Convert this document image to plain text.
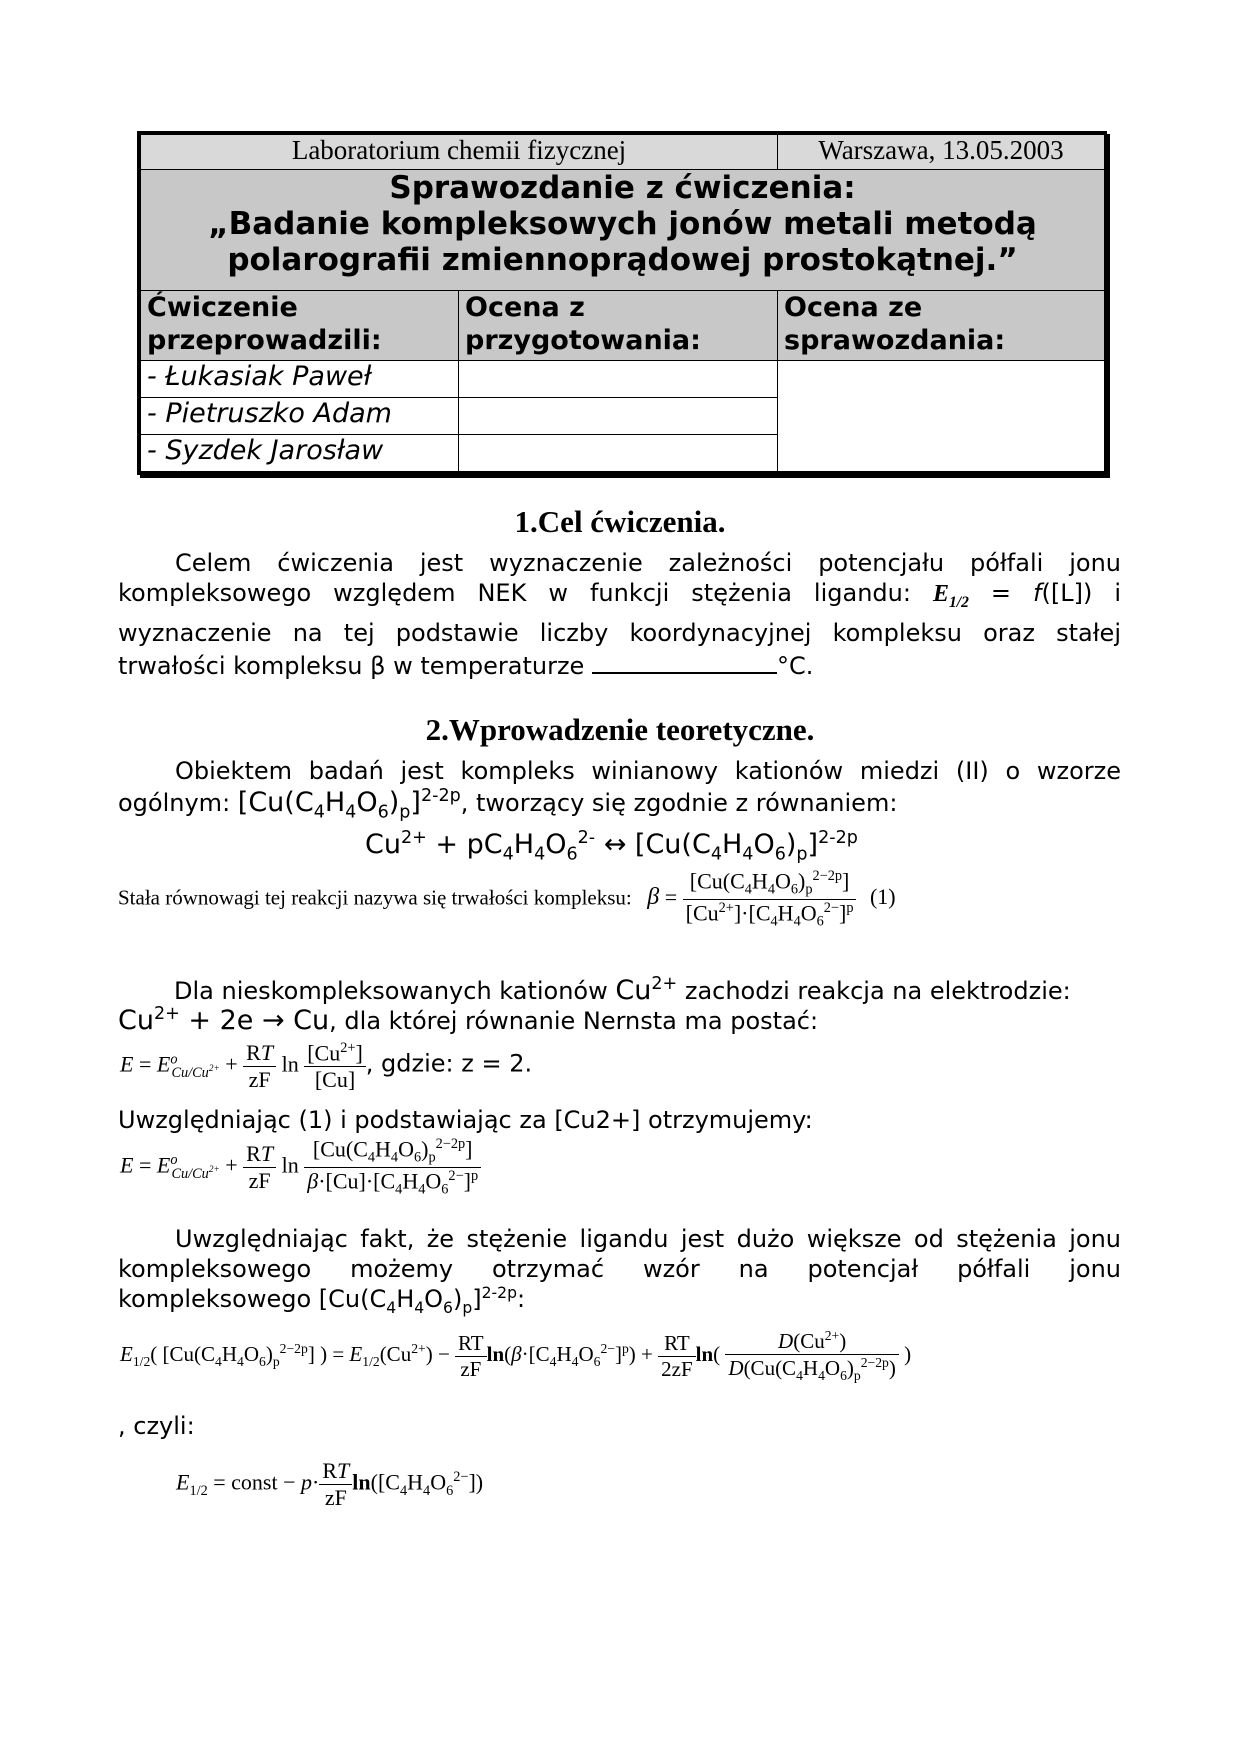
Laboratorium chemii fizycznej		Warszawa, 13.05.2003

Sprawozdanie z ćwiczenia:
„Badanie kompleksowych jonów metali metodą
polarografii zmiennoprądowej prostokątnej.”		

Ćwiczenie przeprowadzili:	Ocena z przygotowania:	Ocena ze sprawozdania:
- Łukasiak Paweł		
- Pietruszko Adam		
- Syzdek Jarosław		
1.Cel ćwiczenia.
Celem ćwiczenia jest wyznaczenie zależności potencjału półfali jonu kompleksowego względem NEK w funkcji stężenia ligandu: $E_{1/2} = f([L])$ i wyznaczenie na tej podstawie liczby koordynacyjnej kompleksu oraz stałej
trwałości kompleksu β w temperaturze	°C.
2.Wprowadzenie teoretyczne.
Obiektem badań jest kompleks winianowy kationów miedzi (II) o wzorze
ogólnym: $[Cu(C_4H_4O_6)_p]^{2-2p}$, tworzący się zgodnie z równaniem:
$Cu^{2+} + pC_4H_4O_6^{2-}$ ↔ $[Cu(C_4H_4O_6)_p]^{2-2p}$
Stała równowagi tej reakcji nazywa się trwałości kompleksu: $\beta = \frac{[Cu(C_4H_4O_6)_p^{2-2p}]}{[Cu^{2+}]\cdot[C_4H_4O_6^{2-}]^p} (1)$
Dla nieskompleksowanych kationów $Cu^{2+}$ zachodzi reakcja na elektrodzie:
$Cu^{2+} + 2e \to Cu$, dla której równanie Nernsta ma postać:
$E = E^o_{Cu/Cu^{2+}} + \frac{RT}{zF}$ $\ln \frac{[Cu^{2+}]}{[Cu]}$ , gdzie: z = 2.
Uwzględniając (1) i podstawiając za [Cu2+] otrzymujemy:
$E = E^o_{Cu/Cu^{2+}} + \frac{RT}{zF}$ $\ln \frac{[Cu(C_4H_4O_6)_p^{2-2p}]}{\beta\cdot[Cu]\cdot[C_4H_4O_6^{2-}]^p}$
Uwzględniając fakt, że stężenie ligandu jest dużo większe od stężenia jonu kompleksowego możemy otrzymać wzór na potencjał półfali jonu
kompleksowego $[Cu(C_4H_4O_6)_p]^{2-2p}$:
$E_{1/2}$( $[Cu(C_4H_4O_6)_p^{2-2p}]$ ) = $E_{1/2}(Cu^{2+}) - \frac{RT}{zF} \ln(\beta\cdot[C_4H_4O_6^{2-}]^p) + \frac{RT}{2zF} \ln( \frac{D(Cu^{2+})}{D(Cu(C_4H_4O_6)_p^{2-2p})}$ )
, czyli:
$E_{1/2}$ = const − $p\cdot \frac{RT}{zF} \ln([C_4H_4O_6^{2-}])$
